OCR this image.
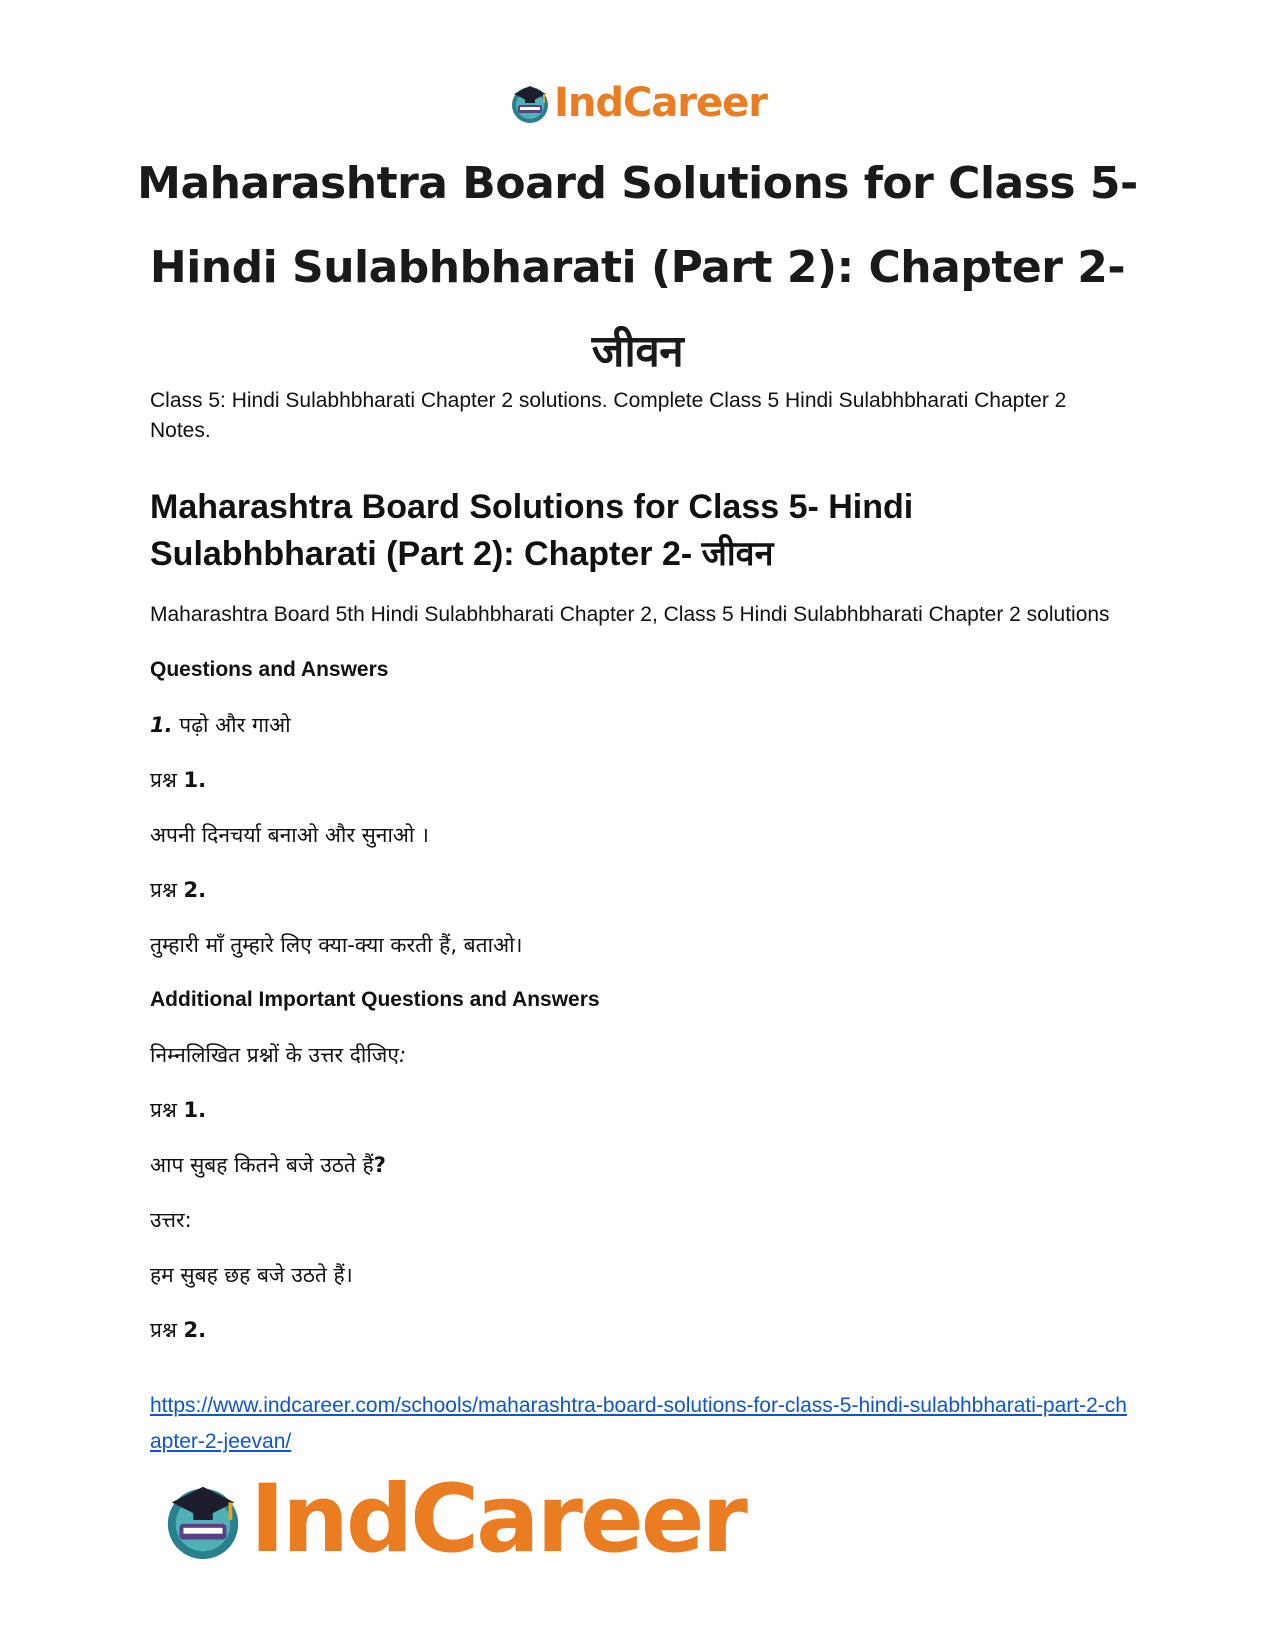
IndCareer
Maharashtra Board Solutions for Class 5-
Hindi Sulabhbharati (Part 2): Chapter 2- जीवन

Class 5: Hindi Sulabhbharati Chapter 2 solutions. Complete Class 5 Hindi Sulabhbharati Chapter 2 Notes.

Maharashtra Board Solutions for Class 5- Hindi Sulabhbharati (Part 2): Chapter 2- जीवन

Maharashtra Board 5th Hindi Sulabhbharati Chapter 2, Class 5 Hindi Sulabhbharati Chapter 2 solutions

Questions and Answers

1. पढ़ो और गाओ

प्रश्न 1.

अपनी दिनचर्या बनाओ और सुनाओ ।

प्रश्न 2.

तुम्हारी माँ तुम्हारे लिए क्या-क्या करती हैं, बताओ।

Additional Important Questions and Answers

निम्नलिखित प्रश्नों के उत्तर दीजिए:

प्रश्न 1.

आप सुबह कितने बजे उठते हैं?

उत्तर:

हम सुबह छह बजे उठते हैं।

प्रश्न 2.

https://www.indcareer.com/schools/maharashtra-board-solutions-for-class-5-hindi-sulabhbharati-part-2-chapter-2-jeevan/

IndCareer
